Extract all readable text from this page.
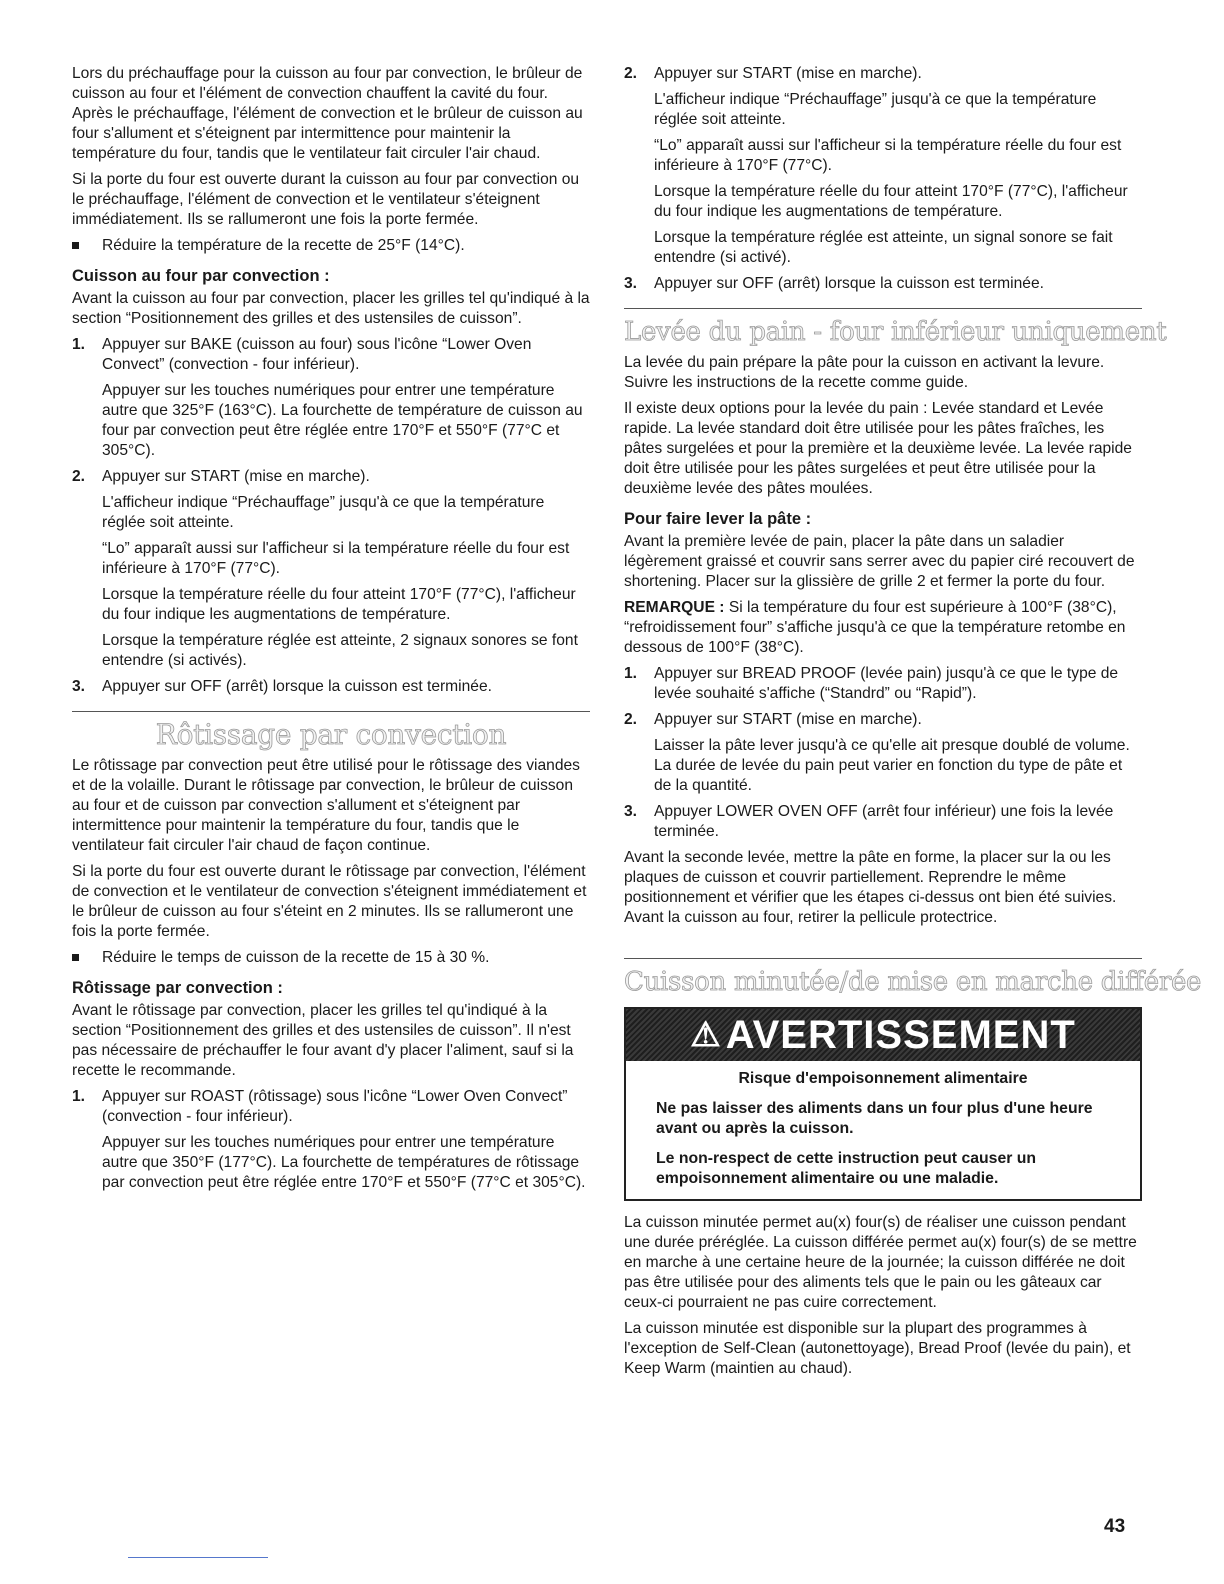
Lors du préchauffage pour la cuisson au four par convection, le brûleur de cuisson au four et l'élément de convection chauffent la cavité du four. Après le préchauffage, l'élément de convection et le brûleur de cuisson au four s'allument et s'éteignent par intermittence pour maintenir la température du four, tandis que le ventilateur fait circuler l'air chaud.

Si la porte du four est ouverte durant la cuisson au four par convection ou le préchauffage, l'élément de convection et le ventilateur s'éteignent immédiatement. Ils se rallumeront une fois la porte fermée.

Réduire la température de la recette de 25°F (14°C).

Cuisson au four par convection :

Avant la cuisson au four par convection, placer les grilles tel qu'indiqué à la section “Positionnement des grilles et des ustensiles de cuisson”.

1. Appuyer sur BAKE (cuisson au four) sous l'icône “Lower Oven Convect” (convection - four inférieur).

Appuyer sur les touches numériques pour entrer une température autre que 325°F (163°C). La fourchette de température de cuisson au four par convection peut être réglée entre 170°F et 550°F (77°C et 305°C).

2. Appuyer sur START (mise en marche).

L'afficheur indique “Préchauffage” jusqu'à ce que la température réglée soit atteinte.

“Lo” apparaît aussi sur l'afficheur si la température réelle du four est inférieure à 170°F (77°C).

Lorsque la température réelle du four atteint 170°F (77°C), l'afficheur du four indique les augmentations de température.

Lorsque la température réglée est atteinte, 2 signaux sonores se font entendre (si activés).

3. Appuyer sur OFF (arrêt) lorsque la cuisson est terminée.

Rôtissage par convection

Le rôtissage par convection peut être utilisé pour le rôtissage des viandes et de la volaille. Durant le rôtissage par convection, le brûleur de cuisson au four et de cuisson par convection s'allument et s'éteignent par intermittence pour maintenir la température du four, tandis que le ventilateur fait circuler l'air chaud de façon continue.

Si la porte du four est ouverte durant le rôtissage par convection, l'élément de convection et le ventilateur de convection s'éteignent immédiatement et le brûleur de cuisson au four s'éteint en 2 minutes. Ils se rallumeront une fois la porte fermée.

Réduire le temps de cuisson de la recette de 15 à 30 %.

Rôtissage par convection :

Avant le rôtissage par convection, placer les grilles tel qu'indiqué à la section “Positionnement des grilles et des ustensiles de cuisson”. Il n'est pas nécessaire de préchauffer le four avant d'y placer l'aliment, sauf si la recette le recommande.

1. Appuyer sur ROAST (rôtissage) sous l'icône “Lower Oven Convect” (convection - four inférieur).

Appuyer sur les touches numériques pour entrer une température autre que 350°F (177°C). La fourchette de températures de rôtissage par convection peut être réglée entre 170°F et 550°F (77°C et 305°C).

2. Appuyer sur START (mise en marche).

L'afficheur indique “Préchauffage” jusqu'à ce que la température réglée soit atteinte.

“Lo” apparaît aussi sur l'afficheur si la température réelle du four est inférieure à 170°F (77°C).

Lorsque la température réelle du four atteint 170°F (77°C), l'afficheur du four indique les augmentations de température.

Lorsque la température réglée est atteinte, un signal sonore se fait entendre (si activé).

3. Appuyer sur OFF (arrêt) lorsque la cuisson est terminée.

Levée du pain - four inférieur uniquement

La levée du pain prépare la pâte pour la cuisson en activant la levure. Suivre les instructions de la recette comme guide.

Il existe deux options pour la levée du pain : Levée standard et Levée rapide. La levée standard doit être utilisée pour les pâtes fraîches, les pâtes surgelées et pour la première et la deuxième levée. La levée rapide doit être utilisée pour les pâtes surgelées et peut être utilisée pour la deuxième levée des pâtes moulées.

Pour faire lever la pâte :

Avant la première levée de pain, placer la pâte dans un saladier légèrement graissé et couvrir sans serrer avec du papier ciré recouvert de shortening. Placer sur la glissière de grille 2 et fermer la porte du four.

REMARQUE : Si la température du four est supérieure à 100°F (38°C), “refroidissement four” s'affiche jusqu'à ce que la température retombe en dessous de 100°F (38°C).

1. Appuyer sur BREAD PROOF (levée pain) jusqu'à ce que le type de levée souhaité s'affiche (“Standrd” ou “Rapid”).

2. Appuyer sur START (mise en marche).

Laisser la pâte lever jusqu'à ce qu'elle ait presque doublé de volume. La durée de levée du pain peut varier en fonction du type de pâte et de la quantité.

3. Appuyer LOWER OVEN OFF (arrêt four inférieur) une fois la levée terminée.

Avant la seconde levée, mettre la pâte en forme, la placer sur la ou les plaques de cuisson et couvrir partiellement. Reprendre le même positionnement et vérifier que les étapes ci-dessus ont bien été suivies. Avant la cuisson au four, retirer la pellicule protectrice.

Cuisson minutée/de mise en marche différée
⚠ AVERTISSEMENT

Risque d'empoisonnement alimentaire

Ne pas laisser des aliments dans un four plus d'une heure avant ou après la cuisson.

Le non-respect de cette instruction peut causer un empoisonnement alimentaire ou une maladie.

La cuisson minutée permet au(x) four(s) de réaliser une cuisson pendant une durée préréglée. La cuisson différée permet au(x) four(s) de se mettre en marche à une certaine heure de la journée; la cuisson différée ne doit pas être utilisée pour des aliments tels que le pain ou les gâteaux car ceux-ci pourraient ne pas cuire correctement.

La cuisson minutée est disponible sur la plupart des programmes à l'exception de Self-Clean (autonettoyage), Bread Proof (levée du pain), et Keep Warm (maintien au chaud).

43
